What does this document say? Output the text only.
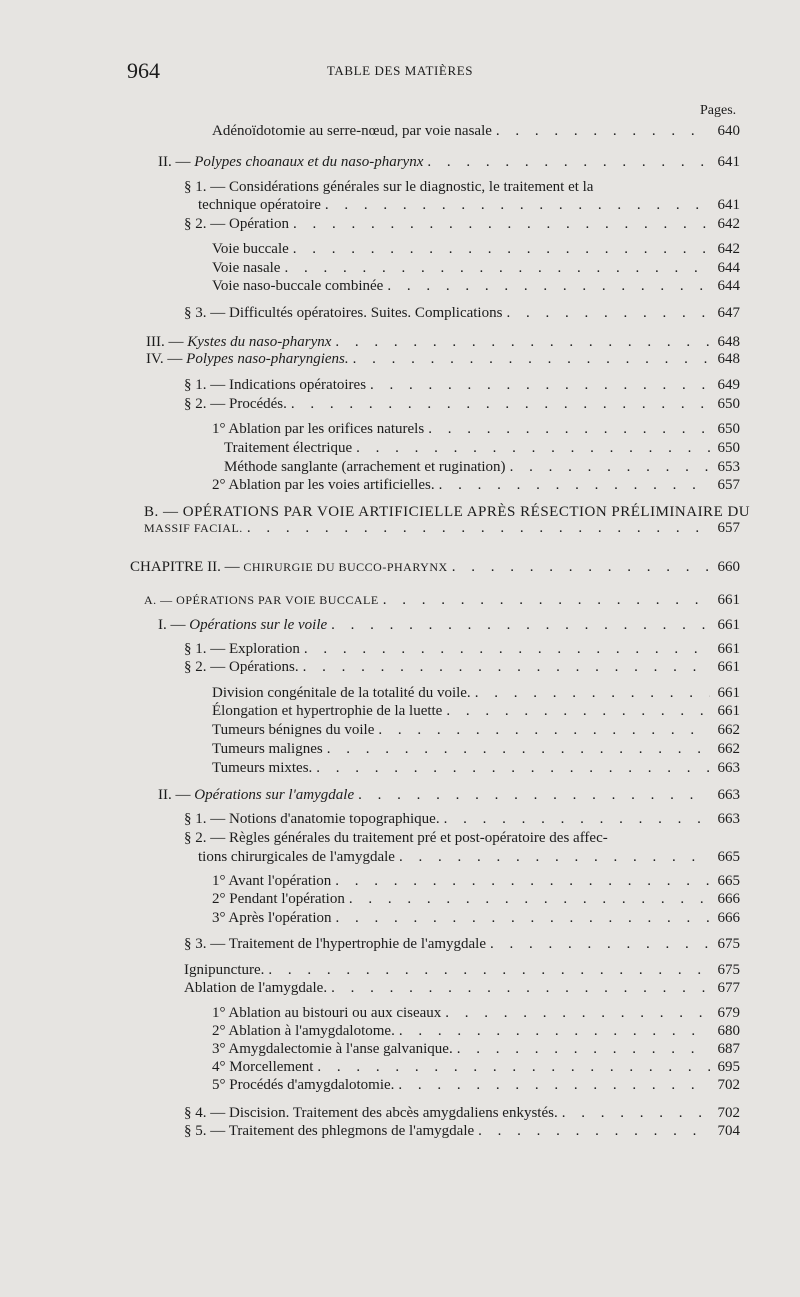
964	TABLE DES MATIÈRES
Pages.
Adénoïdotomie au serre-nœud, par voie nasale . . .	640
II. — Polypes choanaux et du naso-pharynx . . .	641
§ 1. — Considérations générales sur le diagnostic, le traitement et la
technique opératoire . . .	641
§ 2. — Opération . . .	642
Voie buccale . . .	642
Voie nasale . . .	644
Voie naso-buccale combinée . . .	644
§ 3. — Difficultés opératoires. Suites. Complications . . .	647
III. — Kystes du naso-pharynx . . .	648
IV. — Polypes naso-pharyngiens. . . .	648
§ 1. — Indications opératoires . . .	649
§ 2. — Procédés. . . .	650
1° Ablation par les orifices naturels . . .	650
Traitement électrique . . .	650
Méthode sanglante (arrachement et rugination) . . .	653
2° Ablation par les voies artificielles. . . .	657
B. — OPÉRATIONS PAR VOIE ARTIFICIELLE APRÈS RÉSECTION PRÉLIMINAIRE DU
MASSIF FACIAL. . . .	657
CHAPITRE II. — CHIRURGIE DU BUCCO-PHARYNX . . .	660
A. — OPÉRATIONS PAR VOIE BUCCALE . . .	661
I. — Opérations sur le voile . . .	661
§ 1. — Exploration . . .	661
§ 2. — Opérations. . . .	661
Division congénitale de la totalité du voile. . . .	661
Élongation et hypertrophie de la luette . . .	661
Tumeurs bénignes du voile . . .	662
Tumeurs malignes . . .	662
Tumeurs mixtes. . . .	663
II. — Opérations sur l'amygdale . . .	663
§ 1. — Notions d'anatomie topographique. . . .	663
§ 2. — Règles générales du traitement pré et post-opératoire des affec-
tions chirurgicales de l'amygdale . . .	665
1° Avant l'opération . . .	665
2° Pendant l'opération . . .	666
3° Après l'opération . . .	666
§ 3. — Traitement de l'hypertrophie de l'amygdale . . .	675
Ignipuncture. . . .	675
Ablation de l'amygdale. . . .	677
1° Ablation au bistouri ou aux ciseaux . . .	679
2° Ablation à l'amygdalotome. . . .	680
3° Amygdalectomie à l'anse galvanique. . . .	687
4° Morcellement . . .	695
5° Procédés d'amygdalotomie. . . .	702
§ 4. — Discision. Traitement des abcès amygdaliens enkystés. . . .	702
§ 5. — Traitement des phlegmons de l'amygdale . . .	704
